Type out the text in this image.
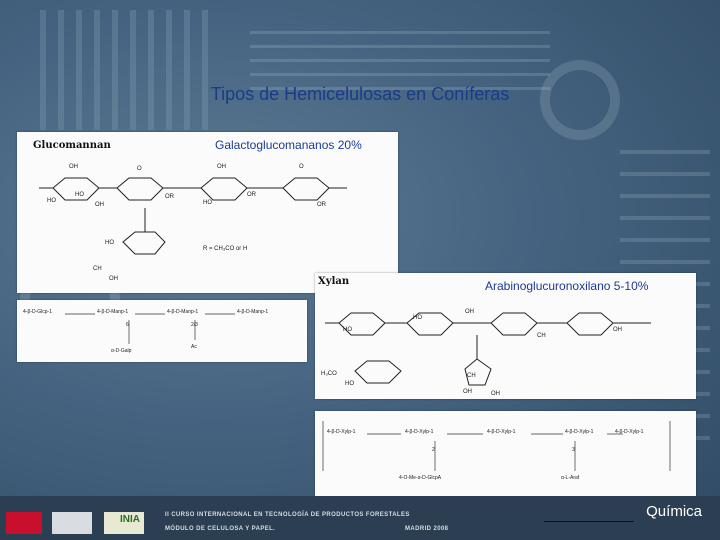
Tipos de Hemicelulosas en Coníferas
Glucomannan	Galactoglucomananos 20%
OH
HO
HO
OH
O
OR
OH
HO
OR
O
OR
HO
CH
OH
R = CH₃CO or H
4-β-D-Glcp-1	4-β-D-Manp-1	4-β-D-Manp-1	4-β-D-Manp-1
6
α-D-Galp
2/3
Ac
Xylan	Arabinoglucuronoxilano 5-10%
HO
HO
OH
CH
OH
H₃CO
HO
CH
OH	OH
4-β-D-Xylp-1	4-β-D-Xylp-1	4-β-D-Xylp-1	4-β-D-Xylp-1	4-β-D-Xylp-1
2
4-O-Me-α-D-GlcpA
3
α-L-Araf
INIA	II CURSO INTERNACIONAL EN TECNOLOGÍA DE PRODUCTOS FORESTALES
MÓDULO DE CELULOSA Y PAPEL.	MADRID 2008
Química
